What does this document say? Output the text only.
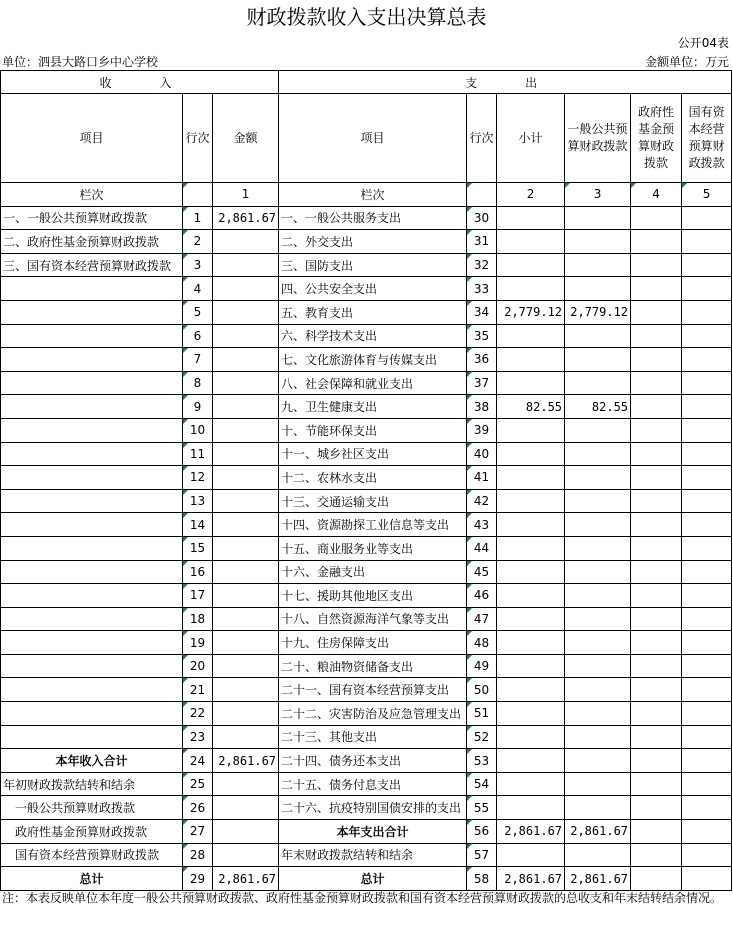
财政拨款收入支出决算总表
公开04表
单位：泗县大路口乡中心学校	金额单位：万元
收　　入			支　　出					
项目	行次	金额	项目	行次	小计	一般公共预算财政拨款	政府性基金预算财政拨款	国有资本经营预算财政拨款
栏次		1	栏次		2	3	4	5
一、一般公共预算财政拨款	1	2,861.67	一、一般公共服务支出	30				
二、政府性基金预算财政拨款	2		二、外交支出	31				
三、国有资本经营预算财政拨款	3		三、国防支出	32				
	4		四、公共安全支出	33				
	5		五、教育支出	34	2,779.12	2,779.12		
	6		六、科学技术支出	35				
	7		七、文化旅游体育与传媒支出	36				
	8		八、社会保障和就业支出	37				
	9		九、卫生健康支出	38	82.55	82.55		
	10		十、节能环保支出	39				
	11		十一、城乡社区支出	40				
	12		十二、农林水支出	41				
	13		十三、交通运输支出	42				
	14		十四、资源勘探工业信息等支出	43				
	15		十五、商业服务业等支出	44				
	16		十六、金融支出	45				
	17		十七、援助其他地区支出	46				
	18		十八、自然资源海洋气象等支出	47				
	19		十九、住房保障支出	48				
	20		二十、粮油物资储备支出	49				
	21		二十一、国有资本经营预算支出	50				
	22		二十二、灾害防治及应急管理支出	51				
	23		二十三、其他支出	52				
本年收入合计	24	2,861.67	二十四、债务还本支出	53				
年初财政拨款结转和结余	25		二十五、债务付息支出	54				
　一般公共预算财政拨款	26		二十六、抗疫特别国债安排的支出	55				
　政府性基金预算财政拨款	27		本年支出合计	56	2,861.67	2,861.67		
　国有资本经营预算财政拨款	28		年末财政拨款结转和结余	57				
总计	29	2,861.67	总计	58	2,861.67	2,861.67		
注：本表反映单位本年度一般公共预算财政拨款、政府性基金预算财政拨款和国有资本经营预算财政拨款的总收支和年末结转结余情况。
